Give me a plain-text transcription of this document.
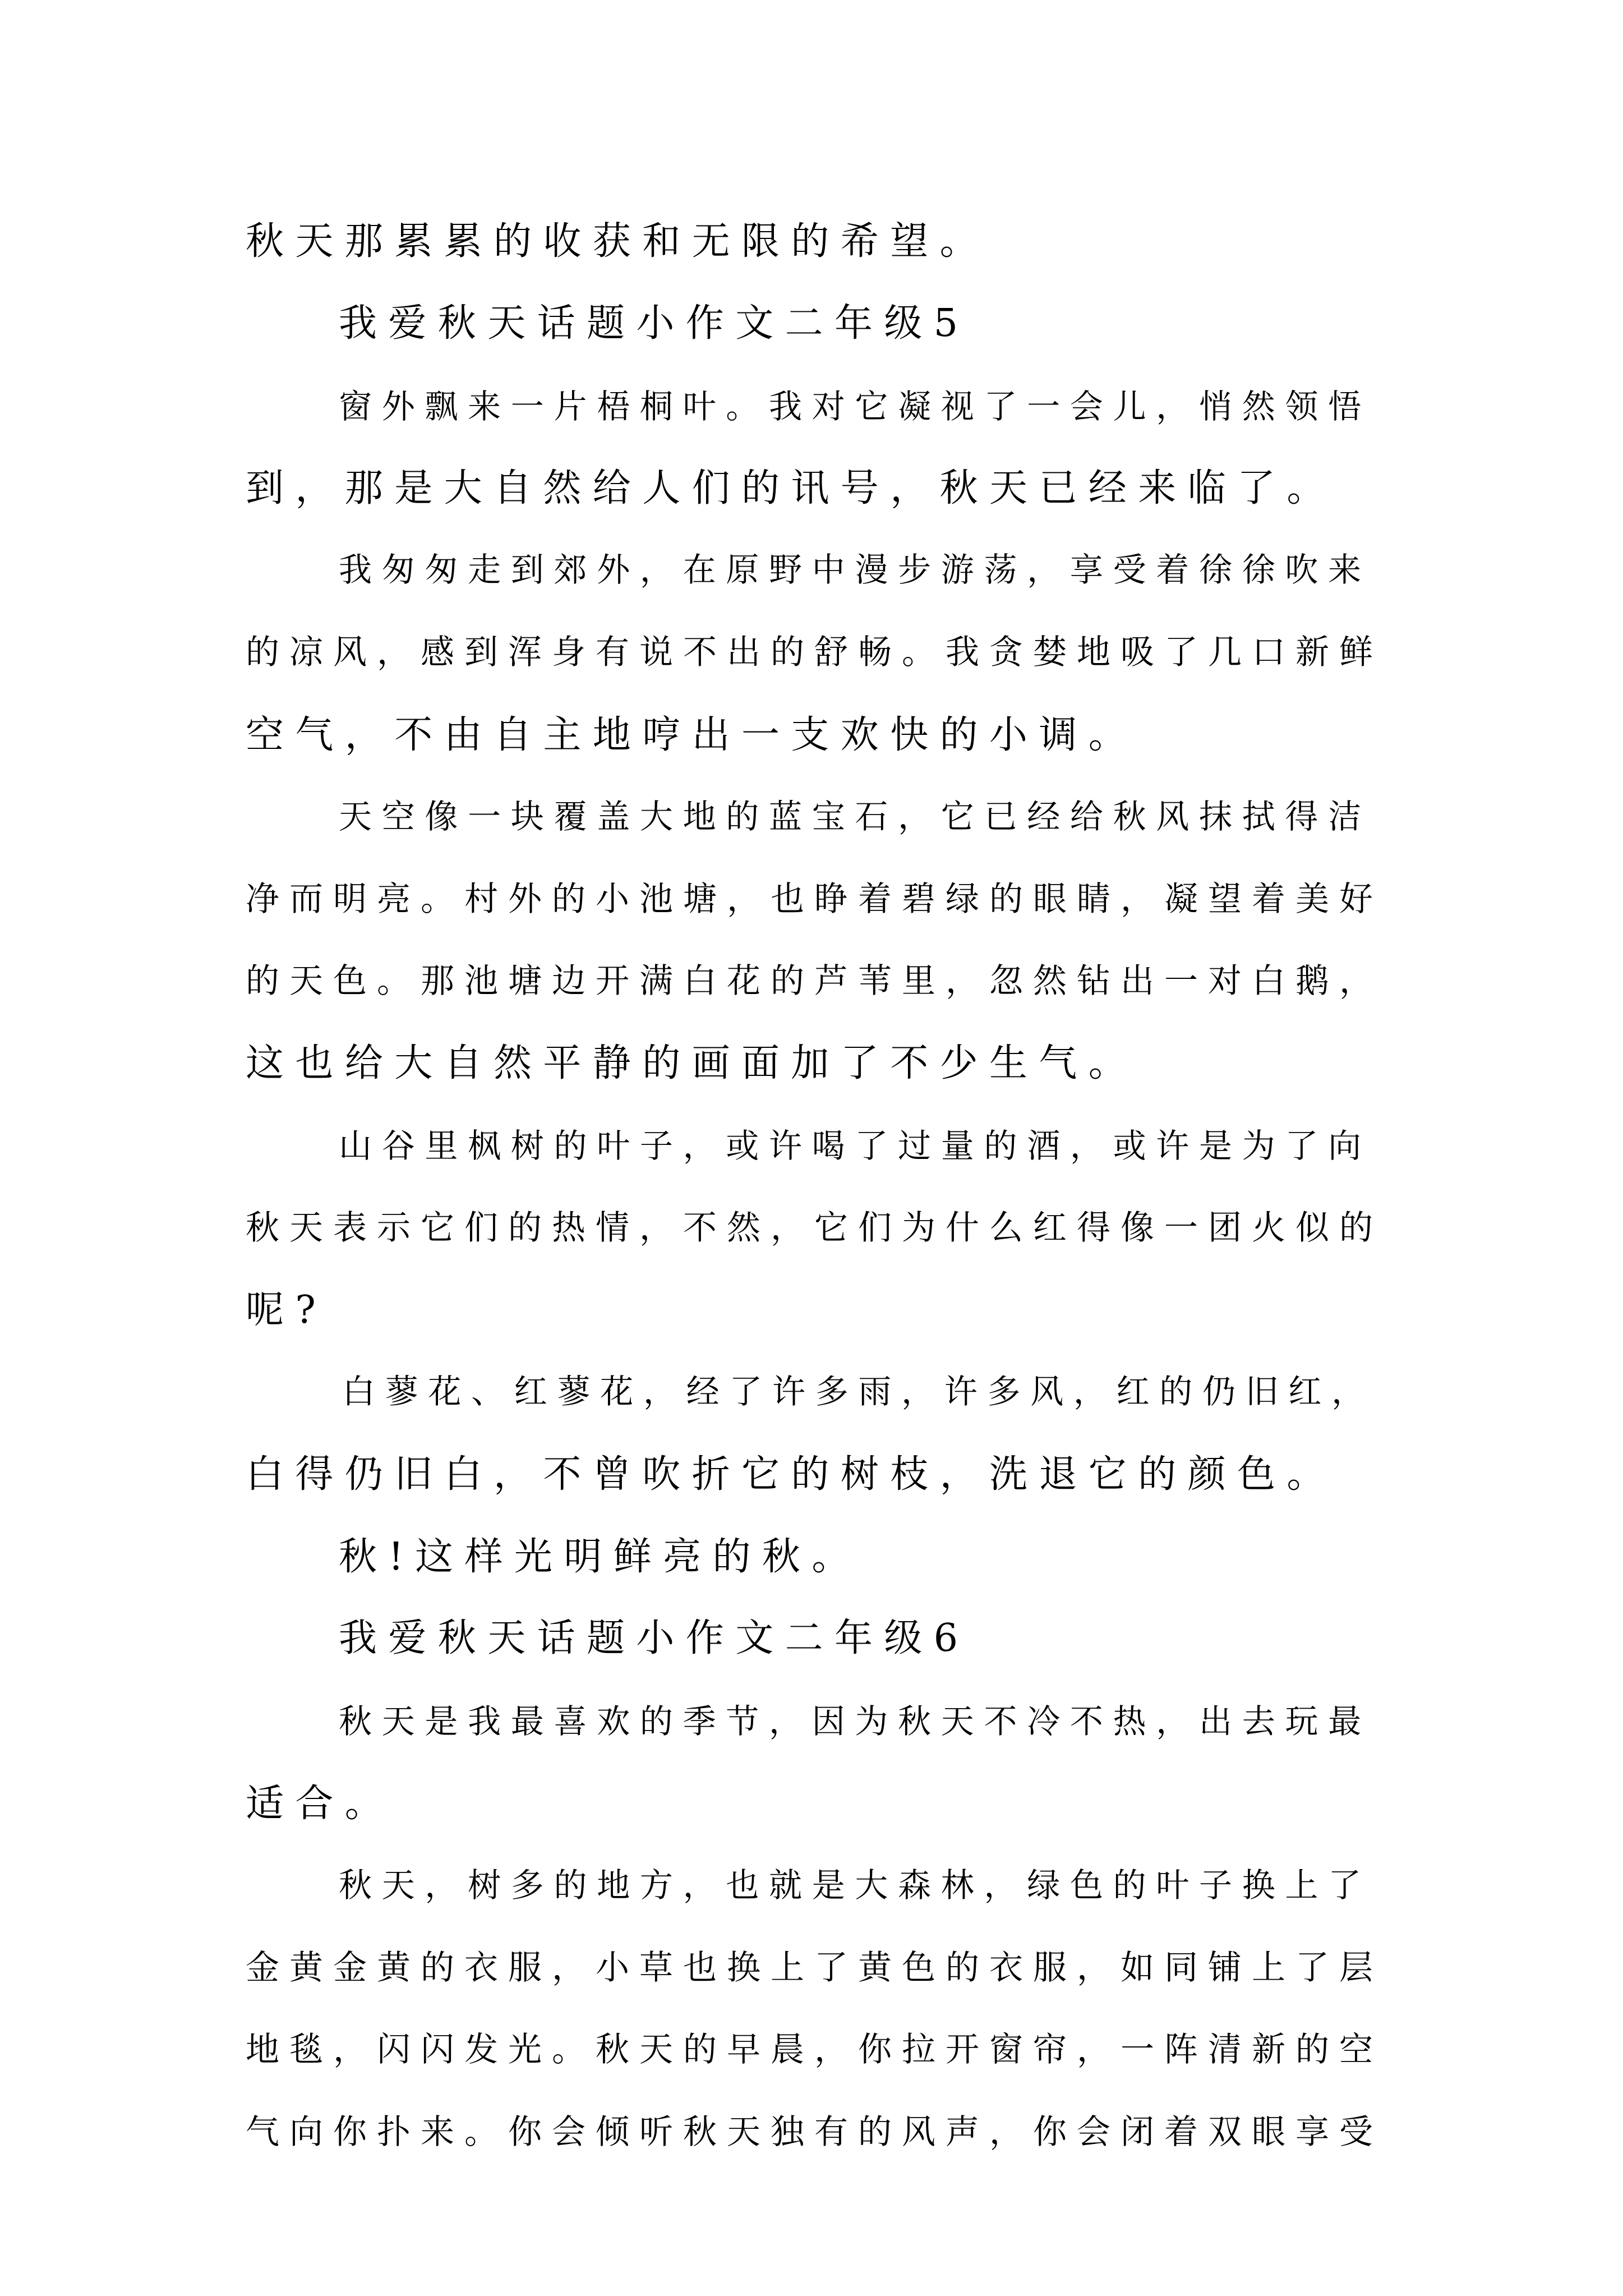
秋天那累累的收获和无限的希望。

我爱秋天话题小作文二年级5

窗外飘来一片梧桐叶。我对它凝视了一会儿，悄然领悟

到，那是大自然给人们的讯号，秋天已经来临了。

我匆匆走到郊外，在原野中漫步游荡，享受着徐徐吹来

的凉风，感到浑身有说不出的舒畅。我贪婪地吸了几口新鲜

空气，不由自主地哼出一支欢快的小调。

天空像一块覆盖大地的蓝宝石，它已经给秋风抹拭得洁

净而明亮。村外的小池塘，也睁着碧绿的眼睛，凝望着美好

的天色。那池塘边开满白花的芦苇里，忽然钻出一对白鹅，

这也给大自然平静的画面加了不少生气。

山谷里枫树的叶子，或许喝了过量的酒，或许是为了向

秋天表示它们的热情，不然，它们为什么红得像一团火似的

呢?

白蓼花、红蓼花，经了许多雨，许多风，红的仍旧红，

白得仍旧白，不曾吹折它的树枝，洗退它的颜色。

秋!这样光明鲜亮的秋。

我爱秋天话题小作文二年级6

秋天是我最喜欢的季节，因为秋天不冷不热，出去玩最

适合。

秋天，树多的地方，也就是大森林，绿色的叶子换上了

金黄金黄的衣服，小草也换上了黄色的衣服，如同铺上了层

地毯，闪闪发光。秋天的早晨，你拉开窗帘，一阵清新的空

气向你扑来。你会倾听秋天独有的风声，你会闭着双眼享受
